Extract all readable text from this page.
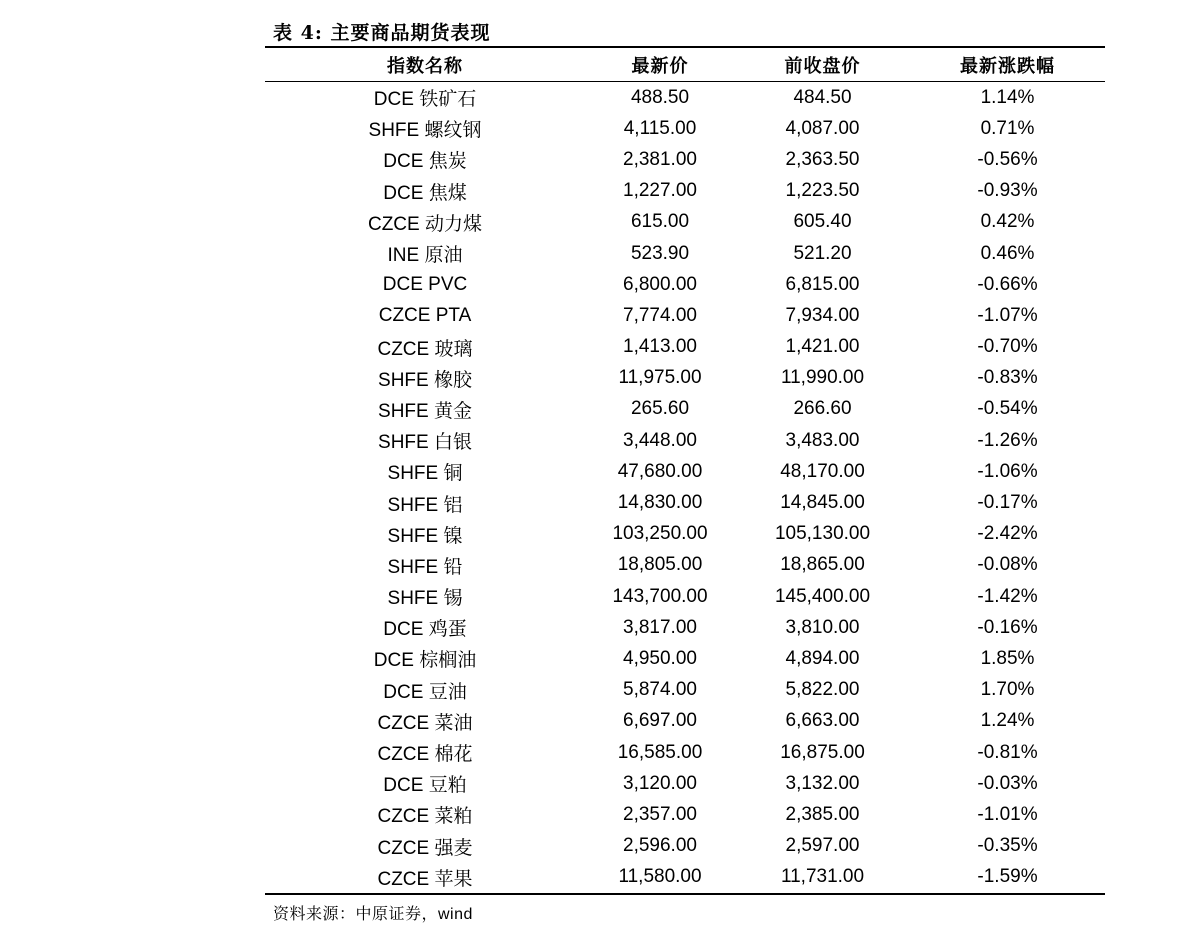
表 4: 主要商品期货表现
指数名称	最新价	前收盘价	最新涨跌幅
DCE 铁矿石	488.50	484.50	1.14%
SHFE 螺纹钢	4,115.00	4,087.00	0.71%
DCE 焦炭	2,381.00	2,363.50	-0.56%
DCE 焦煤	1,227.00	1,223.50	-0.93%
CZCE 动力煤	615.00	605.40	0.42%
INE 原油	523.90	521.20	0.46%
DCE PVC	6,800.00	6,815.00	-0.66%
CZCE PTA	7,774.00	7,934.00	-1.07%
CZCE 玻璃	1,413.00	1,421.00	-0.70%
SHFE 橡胶	11,975.00	11,990.00	-0.83%
SHFE 黄金	265.60	266.60	-0.54%
SHFE 白银	3,448.00	3,483.00	-1.26%
SHFE 铜	47,680.00	48,170.00	-1.06%
SHFE 铝	14,830.00	14,845.00	-0.17%
SHFE 镍	103,250.00	105,130.00	-2.42%
SHFE 铅	18,805.00	18,865.00	-0.08%
SHFE 锡	143,700.00	145,400.00	-1.42%
DCE 鸡蛋	3,817.00	3,810.00	-0.16%
DCE 棕榈油	4,950.00	4,894.00	1.85%
DCE 豆油	5,874.00	5,822.00	1.70%
CZCE 菜油	6,697.00	6,663.00	1.24%
CZCE 棉花	16,585.00	16,875.00	-0.81%
DCE 豆粕	3,120.00	3,132.00	-0.03%
CZCE 菜粕	2,357.00	2,385.00	-1.01%
CZCE 强麦	2,596.00	2,597.00	-0.35%
CZCE 苹果	11,580.00	11,731.00	-1.59%
资料来源：中原证券，wind
